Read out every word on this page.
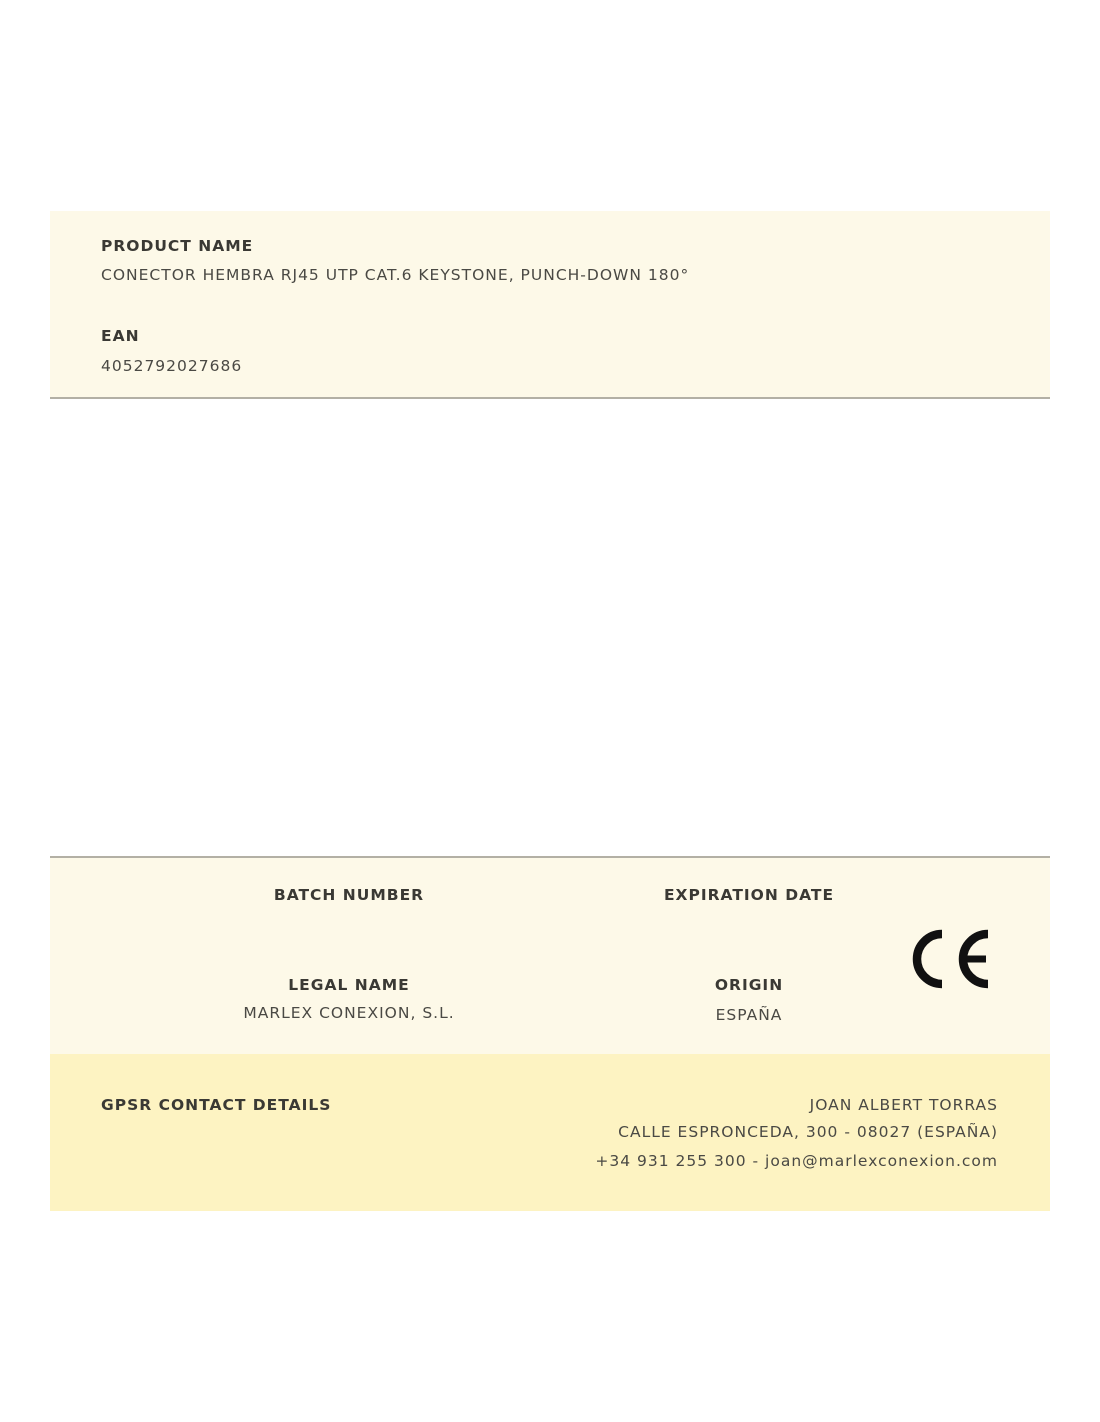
PRODUCT NAME
CONECTOR HEMBRA RJ45 UTP CAT.6 KEYSTONE, PUNCH-DOWN 180°
EAN
4052792027686
BATCH NUMBER	EXPIRATION DATE
LEGAL NAME
MARLEX CONEXION, S.L.
ORIGIN
ESPAÑA
GPSR CONTACT DETAILS	JOAN ALBERT TORRAS
CALLE ESPRONCEDA, 300 - 08027 (ESPAÑA)
+34 931 255 300 - joan@marlexconexion.com
